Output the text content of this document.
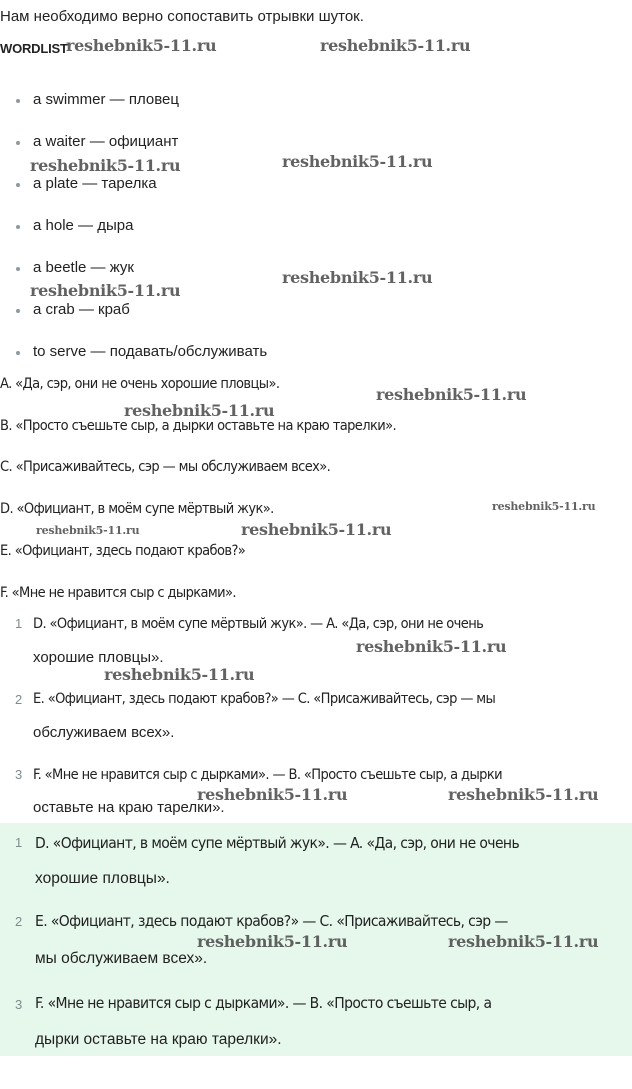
Нам необходимо верно сопоставить отрывки шуток.
WORDLIST
a swimmer — пловец
a waiter — официант
a plate — тарелка
a hole — дыра
a beetle — жук
a crab — краб
to serve — подавать/обслуживать
A. «Да, сэр, они не очень хорошие пловцы».
B. «Просто съешьте сыр, а дырки оставьте на краю тарелки».
C. «Присаживайтесь, сэр — мы обслуживаем всех».
D. «Официант, в моём супе мёртвый жук».
E. «Официант, здесь подают крабов?»
F. «Мне не нравится сыр с дырками».
1 D. «Официант, в моём супе мёртвый жук». — A. «Да, сэр, они не очень
хорошие пловцы».
2 E. «Официант, здесь подают крабов?» — C. «Присаживайтесь, сэр — мы
обслуживаем всех».
3 F. «Мне не нравится сыр с дырками». — B. «Просто съешьте сыр, а дырки
оставьте на краю тарелки».
1 D. «Официант, в моём супе мёртвый жук». — A. «Да, сэр, они не очень
хорошие пловцы».
2 E. «Официант, здесь подают крабов?» — C. «Присаживайтесь, сэр —
мы обслуживаем всех».
3 F. «Мне не нравится сыр с дырками». — B. «Просто съешьте сыр, а
дырки оставьте на краю тарелки».
reshebnik5-11.ru	reshebnik5-11.ru
reshebnik5-11.ru	reshebnik5-11.ru
reshebnik5-11.ru
reshebnik5-11.ru
reshebnik5-11.ru
reshebnik5-11.ru
reshebnik5-11.ru
reshebnik5-11.ru	reshebnik5-11.ru
reshebnik5-11.ru
reshebnik5-11.ru
reshebnik5-11.ru	reshebnik5-11.ru
reshebnik5-11.ru	reshebnik5-11.ru
